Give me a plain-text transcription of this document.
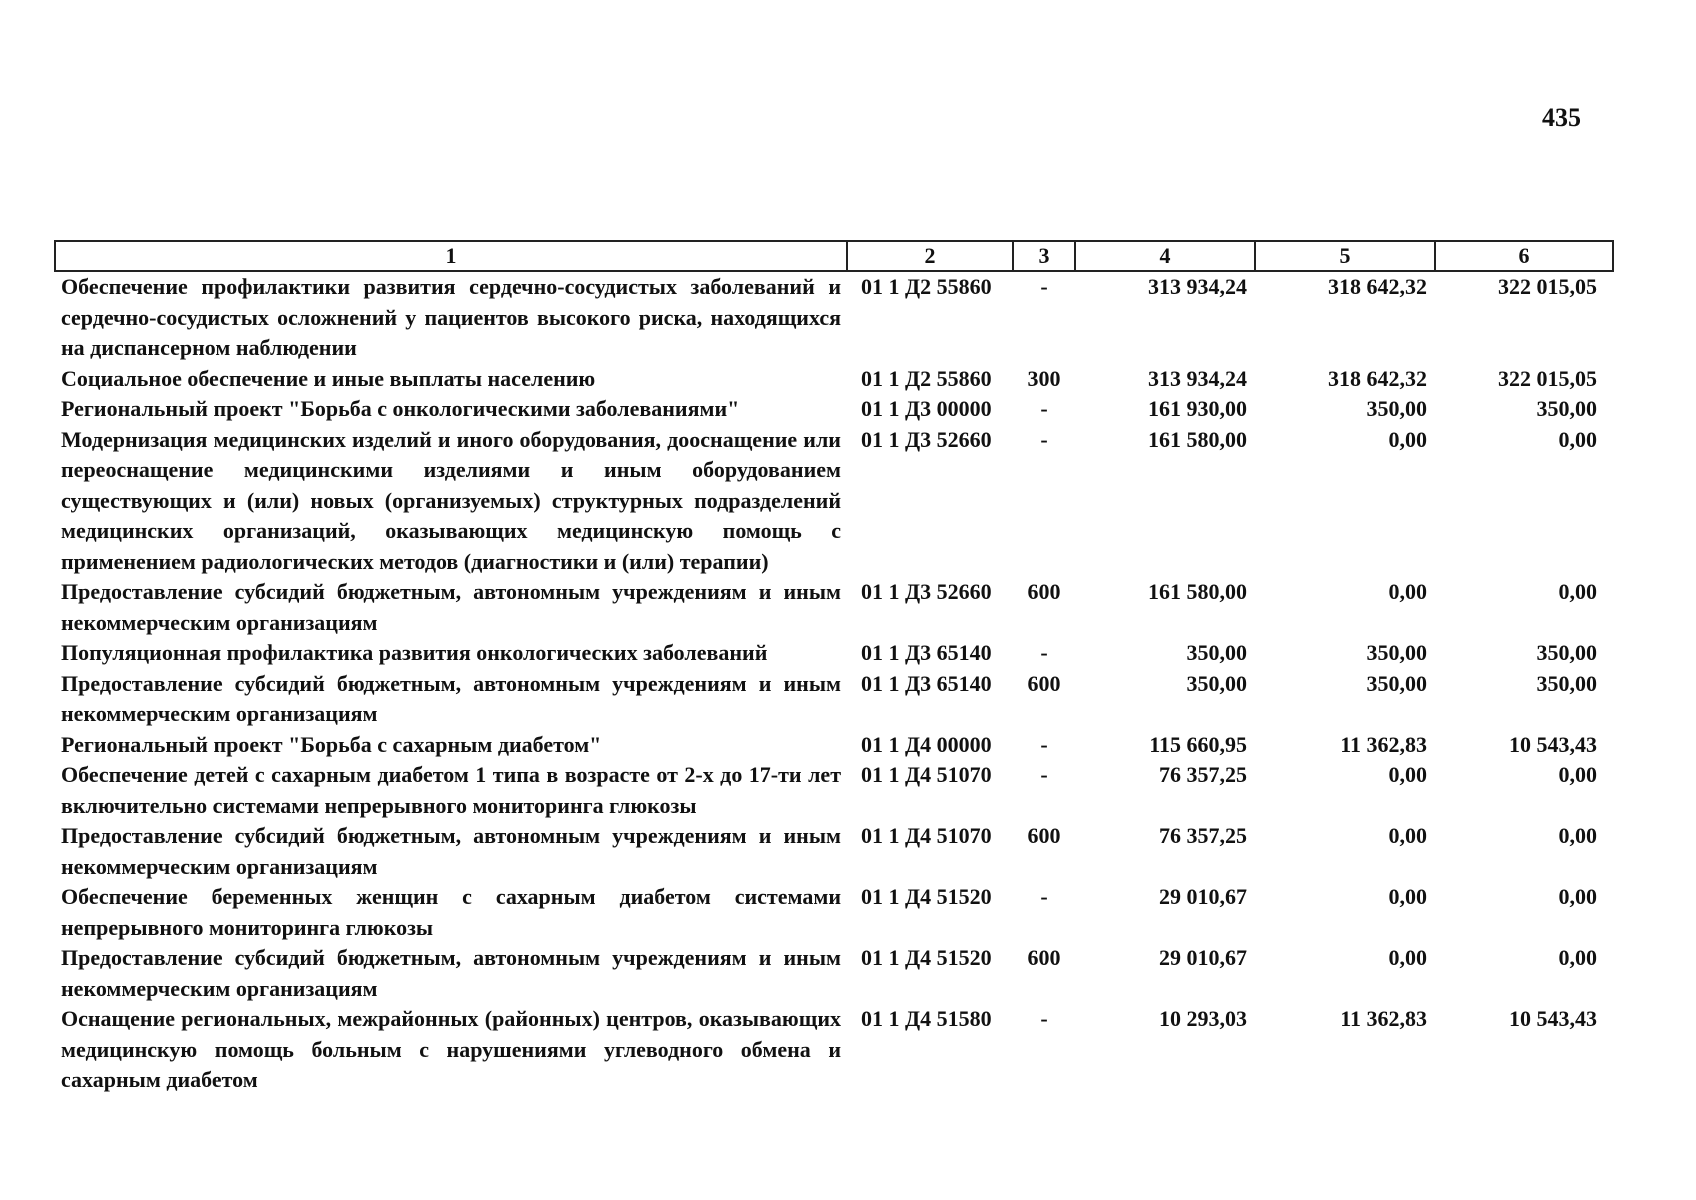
435
1	2	3	4	5	6
Обеспечение профилактики развития сердечно-сосудистых заболеваний и сердечно-сосудистых осложнений у пациентов высокого риска, находящихся на диспансерном наблюдении	01 1 Д2 55860	-	313 934,24	318 642,32	322 015,05
Социальное обеспечение и иные выплаты населению	01 1 Д2 55860	300	313 934,24	318 642,32	322 015,05
Региональный проект "Борьба с онкологическими заболеваниями"	01 1 Д3 00000	-	161 930,00	350,00	350,00
Модернизация медицинских изделий и иного оборудования, дооснащение или переоснащение медицинскими изделиями и иным оборудованием существующих и (или) новых (организуемых) структурных подразделений медицинских организаций, оказывающих медицинскую помощь с применением радиологических методов (диагностики и (или) терапии)	01 1 Д3 52660	-	161 580,00	0,00	0,00
Предоставление субсидий бюджетным, автономным учреждениям и иным некоммерческим организациям	01 1 Д3 52660	600	161 580,00	0,00	0,00
Популяционная профилактика развития онкологических заболеваний	01 1 Д3 65140	-	350,00	350,00	350,00
Предоставление субсидий бюджетным, автономным учреждениям и иным некоммерческим организациям	01 1 Д3 65140	600	350,00	350,00	350,00
Региональный проект "Борьба с сахарным диабетом"	01 1 Д4 00000	-	115 660,95	11 362,83	10 543,43
Обеспечение детей с сахарным диабетом 1 типа в возрасте от 2-х до 17-ти лет включительно системами непрерывного мониторинга глюкозы	01 1 Д4 51070	-	76 357,25	0,00	0,00
Предоставление субсидий бюджетным, автономным учреждениям и иным некоммерческим организациям	01 1 Д4 51070	600	76 357,25	0,00	0,00
Обеспечение беременных женщин с сахарным диабетом системами непрерывного мониторинга глюкозы	01 1 Д4 51520	-	29 010,67	0,00	0,00
Предоставление субсидий бюджетным, автономным учреждениям и иным некоммерческим организациям	01 1 Д4 51520	600	29 010,67	0,00	0,00
Оснащение региональных, межрайонных (районных) центров, оказывающих медицинскую помощь больным с нарушениями углеводного обмена и сахарным диабетом	01 1 Д4 51580	-	10 293,03	11 362,83	10 543,43
